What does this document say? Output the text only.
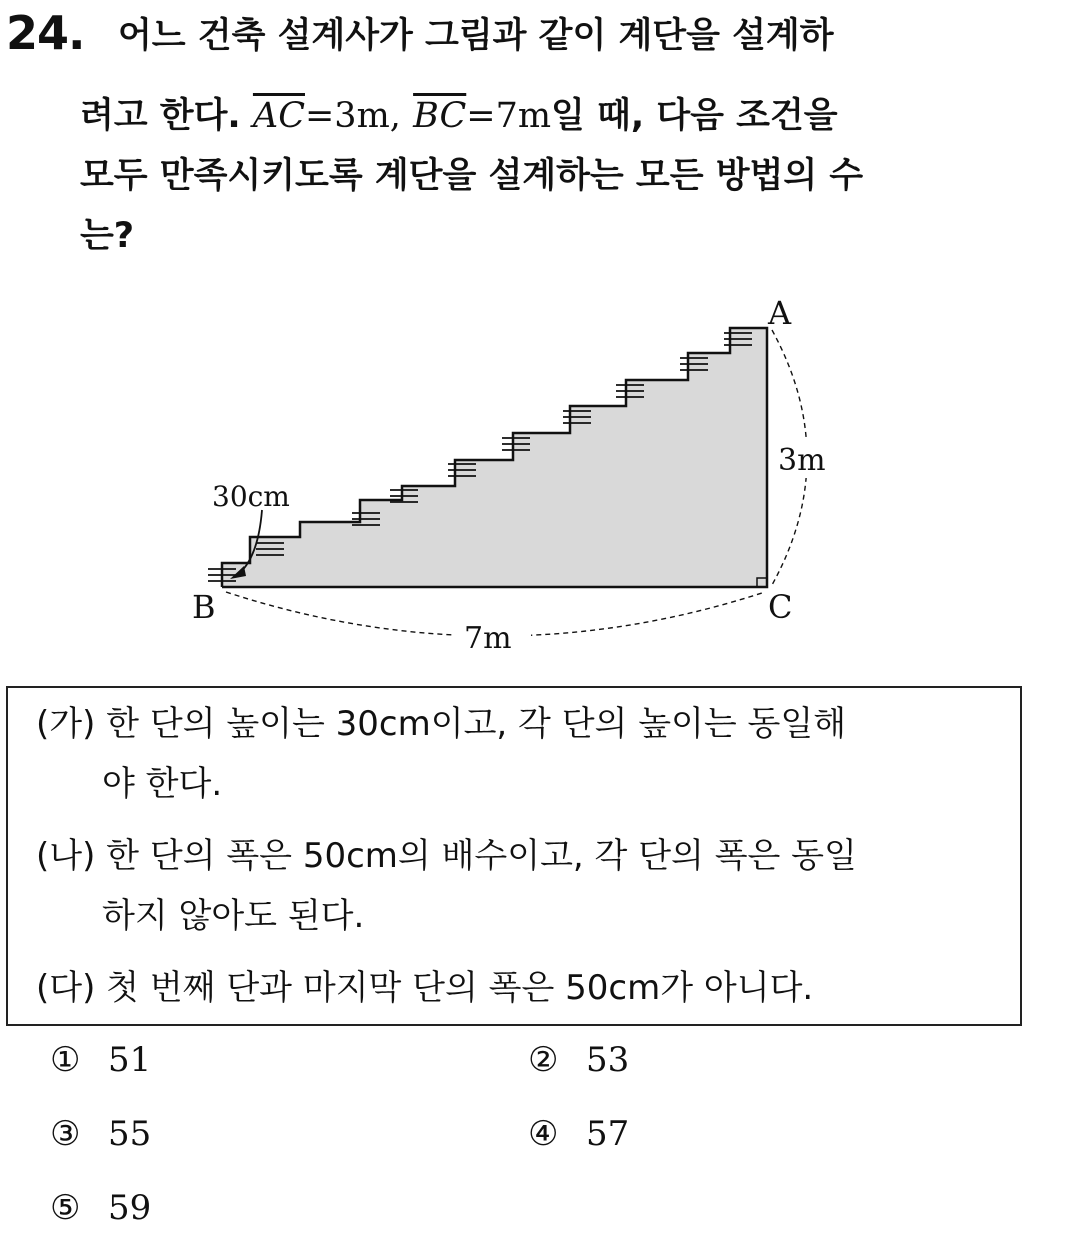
24. 어느 건축 설계사가 그림과 같이 계단을 설계하
려고 한다. $\overline{AC}=3m$, $\overline{BC}=7m$일 때, 다음 조건을
모두 만족시키도록 계단을 설계하는 모든 방법의 수
는?
A
B	C
3m
7m
30cm
(가) 한 단의 높이는 30cm이고, 각 단의 높이는 동일해
야 한다.
(나) 한 단의 폭은 50cm의 배수이고, 각 단의 폭은 동일
하지 않아도 된다.
(다) 첫 번째 단과 마지막 단의 폭은 50cm가 아니다.
① 51	② 53
③ 55	④ 57
⑤ 59
